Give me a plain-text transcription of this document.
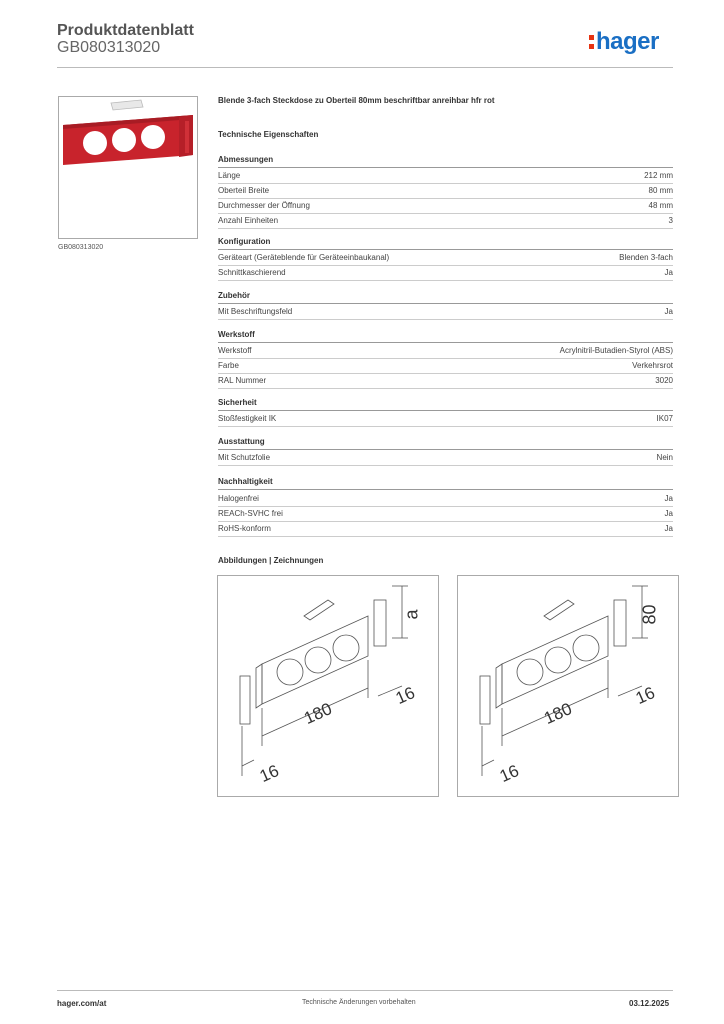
Produktdatenblatt
GB080313020	hager
GB080313020
Blende 3-fach Steckdose zu Oberteil 80mm beschriftbar anreihbar hfr rot
Technische Eigenschaften
Abmessungen
Länge	212 mm
Oberteil Breite	80 mm
Durchmesser der Öffnung	48 mm
Anzahl Einheiten	3
Konfiguration
Geräteart (Geräteblende für Geräteeinbaukanal)	Blenden 3-fach
Schnittkaschierend	Ja
Zubehör
Mit Beschriftungsfeld	Ja
Werkstoff
Werkstoff	Acrylnitril-Butadien-Styrol (ABS)
Farbe	Verkehrsrot
RAL Nummer	3020
Sicherheit
Stoßfestigkeit IK	IK07
Ausstattung
Mit Schutzfolie	Nein
Nachhaltigkeit
Halogenfrei	Ja
REACh-SVHC frei	Ja
RoHS-konform	Ja
Abbildungen | Zeichnungen
a
180
16
16
80
180
16
16
hager.com/at	Technische Änderungen vorbehalten	03.12.2025
